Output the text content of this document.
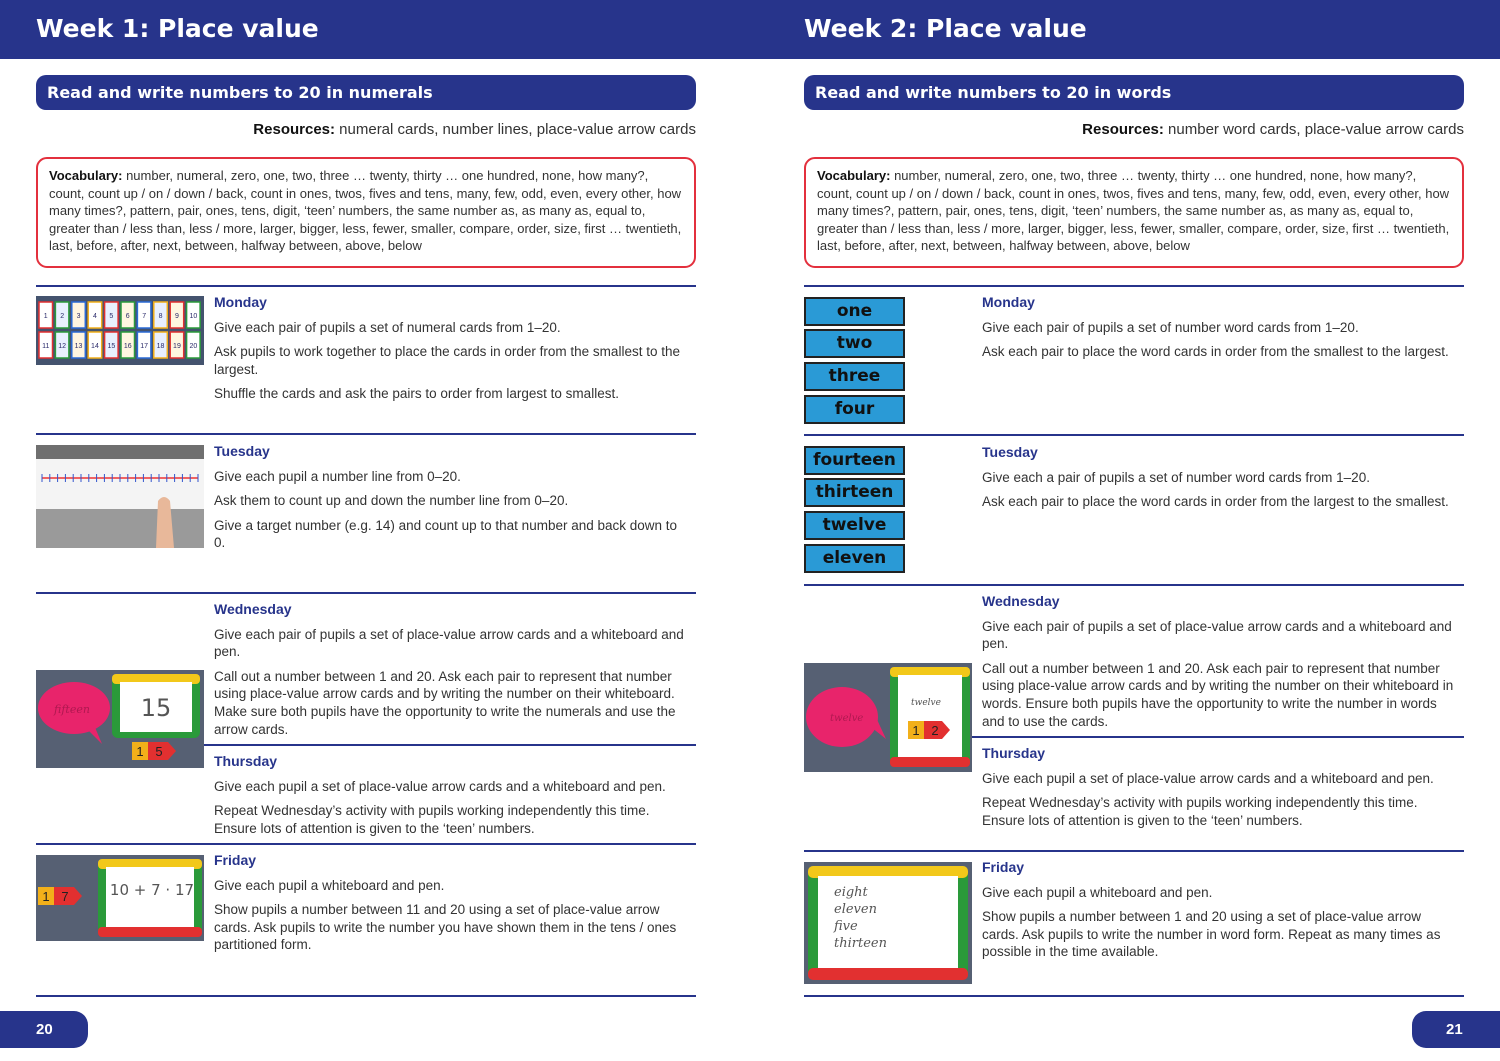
Week 1: Place value	Week 2: Place value
Read and write numbers to 20 in numerals
Resources: numeral cards, number lines, place-value arrow cards
Vocabulary: number, numeral, zero, one, two, three … twenty, thirty … one hundred, none, how many?, count, count up / on / down / back, count in ones, twos, fives and tens, many, few, odd, even, every other, how many times?, pattern, pair, ones, tens, digit, ‘teen’ numbers, the same number as, as many as, equal to, greater than / less than, less / more, larger, bigger, less, fewer, smaller, compare, order, size, first … twentieth, last, before, after, next, between, halfway between, above, below
1 2 3 4 5 6 7 8 9 10
11 12 13 14 15 16 17 18 19 20
Monday

Give each pair of pupils a set of numeral cards from 1–20.

Ask pupils to work together to place the cards in order from the smallest to the largest.

Shuffle the cards and ask the pairs to order from largest to smallest.

Tuesday

Give each pupil a number line from 0–20.

Ask them to count up and down the number line from 0–20.

Give a target number (e.g. 14) and count up to that number and back down to 0.

fifteen 15
1 5
Wednesday

Give each pair of pupils a set of place-value arrow cards and a whiteboard and pen.

Call out a number between 1 and 20. Ask each pair to represent that number using place-value arrow cards and by writing the number on their whiteboard. Make sure both pupils have the opportunity to write the numerals and use the arrow cards.

Thursday

Give each pupil a set of place-value arrow cards and a whiteboard and pen.

Repeat Wednesday’s activity with pupils working independently this time. Ensure lots of attention is given to the ‘teen’ numbers.

10 + 7 · 17
1 7
Friday

Give each pupil a whiteboard and pen.

Show pupils a number between 11 and 20 using a set of place-value arrow cards. Ask pupils to write the number you have shown them in the tens / ones partitioned form.

20
Read and write numbers to 20 in words
Resources: number word cards, place-value arrow cards
Vocabulary: number, numeral, zero, one, two, three … twenty, thirty … one hundred, none, how many?, count, count up / on / down / back, count in ones, twos, fives and tens, many, few, odd, even, every other, how many times?, pattern, pair, ones, tens, digit, ‘teen’ numbers, the same number as, as many as, equal to, greater than / less than, less / more, larger, bigger, less, fewer, smaller, compare, order, size, first … twentieth, last, before, after, next, between, halfway between, above, below
one
two
three
four
fourteen
thirteen
twelve
eleven
Monday

Give each pair of pupils a set of number word cards from 1–20.

Ask each pair to place the word cards in order from the smallest to the largest.

Tuesday

Give each a pair of pupils a set of number word cards from 1–20.

Ask each pair to place the word cards in order from the largest to the smallest.

twelve
twelve
1 2
Wednesday

Give each pair of pupils a set of place-value arrow cards and a whiteboard and pen.

Call out a number between 1 and 20. Ask each pair to represent that number using place-value arrow cards and by writing the number on their whiteboard in words. Ensure both pupils have the opportunity to write the number in words and to use the cards.

Thursday

Give each pupil a set of place-value arrow cards and a whiteboard and pen.

Repeat Wednesday’s activity with pupils working independently this time. Ensure lots of attention is given to the ‘teen’ numbers.

eight
eleven
five
thirteen
Friday

Give each pupil a whiteboard and pen.

Show pupils a number between 1 and 20 using a set of place-value arrow cards. Ask pupils to write the number in word form. Repeat as many times as possible in the time available.

21
